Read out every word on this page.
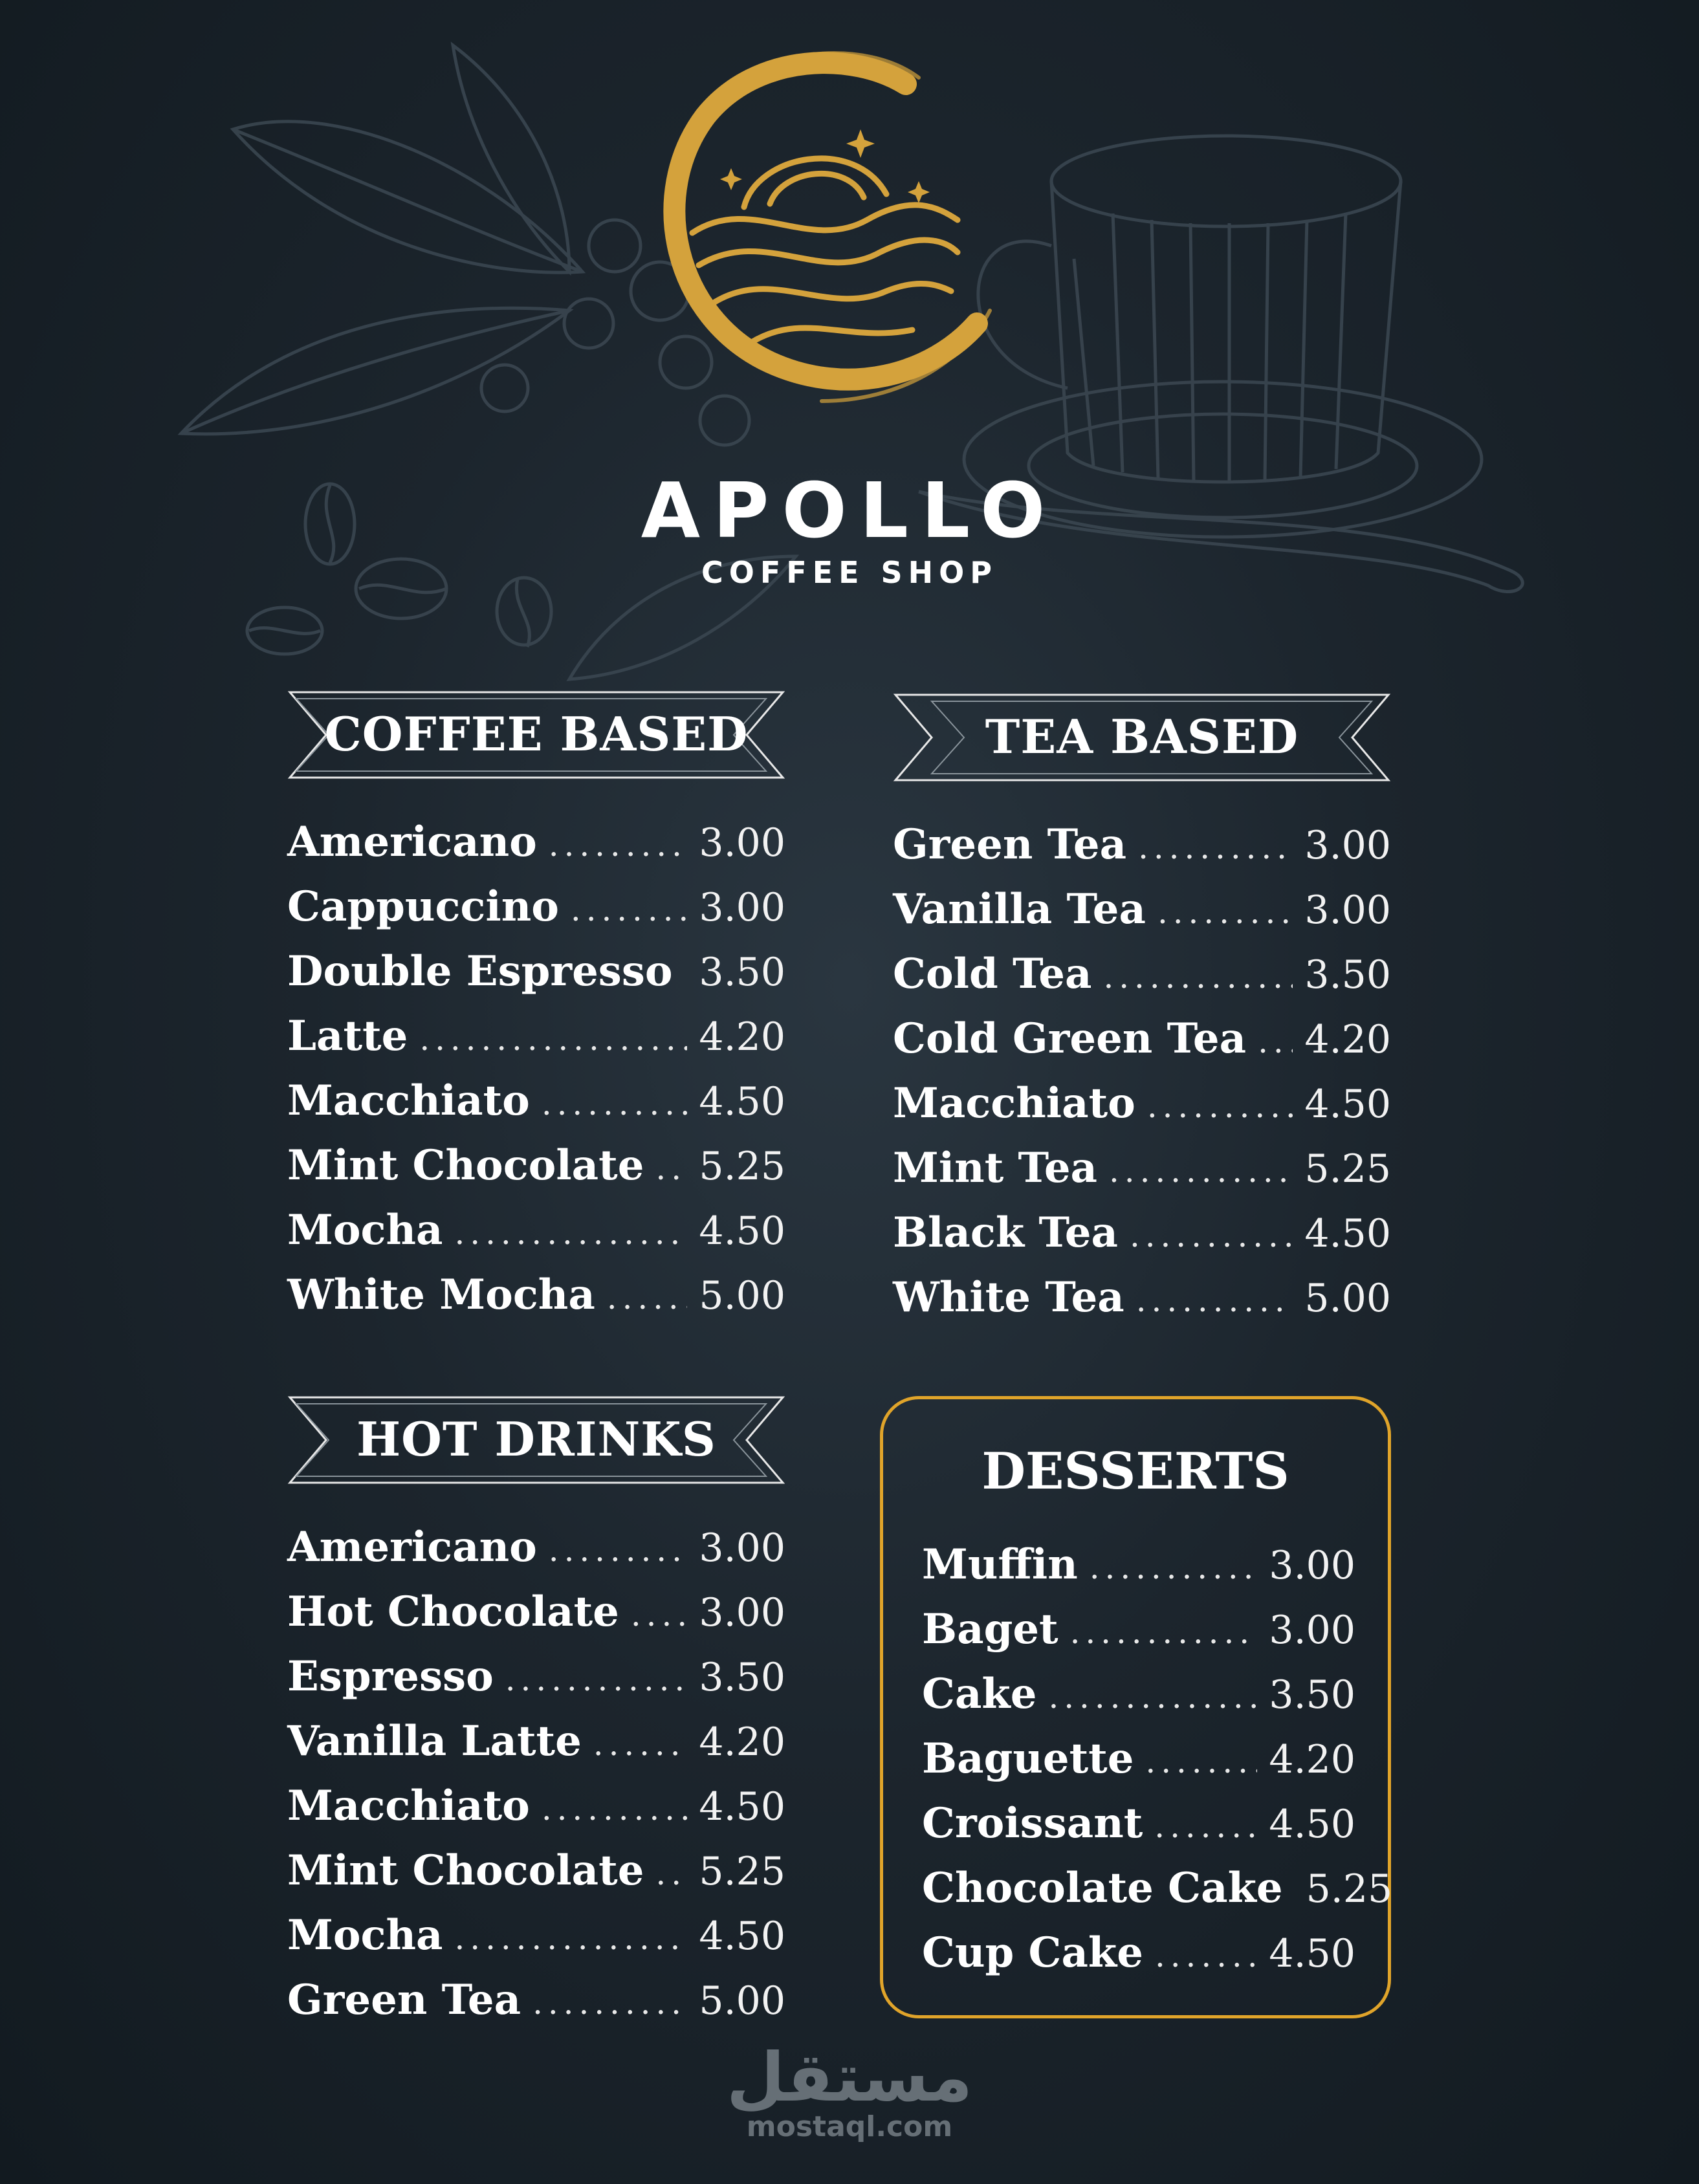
APOLLO
COFFEE SHOP
COFFEE BASED
Americano . . .	3.00
Cappuccino . . .	3.00
Double Espresso . . . 3.50
Latte . . .	4.20
Macchiato . . .	4.50
Mint Chocolate . . . 5.25
Mocha . . .	4.50
White Mocha . . .	5.00
TEA BASED
Green Tea . . .	3.00
Vanilla Tea . . .	3.00
Cold Tea . . .	3.50
Cold Green Tea . . . 4.20
Macchiato . . .	4.50
Mint Tea . . .	5.25
Black Tea . . .	4.50
White Tea . . .	5.00
HOT DRINKS
Americano . . .	3.00
Hot Chocolate . . . 3.00
Espresso . . .	3.50
Vanilla Latte . . .	4.20
Macchiato . . .	4.50
Mint Chocolate . . . 5.25
Mocha . . .	4.50
Green Tea . . .	5.00
DESSERTS
Muffin . . .	3.00
Baget . . .	3.00
Cake . . .	3.50
Baguette . . .	4.20
Croissant . . .	4.50
Chocolate Cake 5.25
Cup Cake . . .	4.50
مستقل
mostaql.com
